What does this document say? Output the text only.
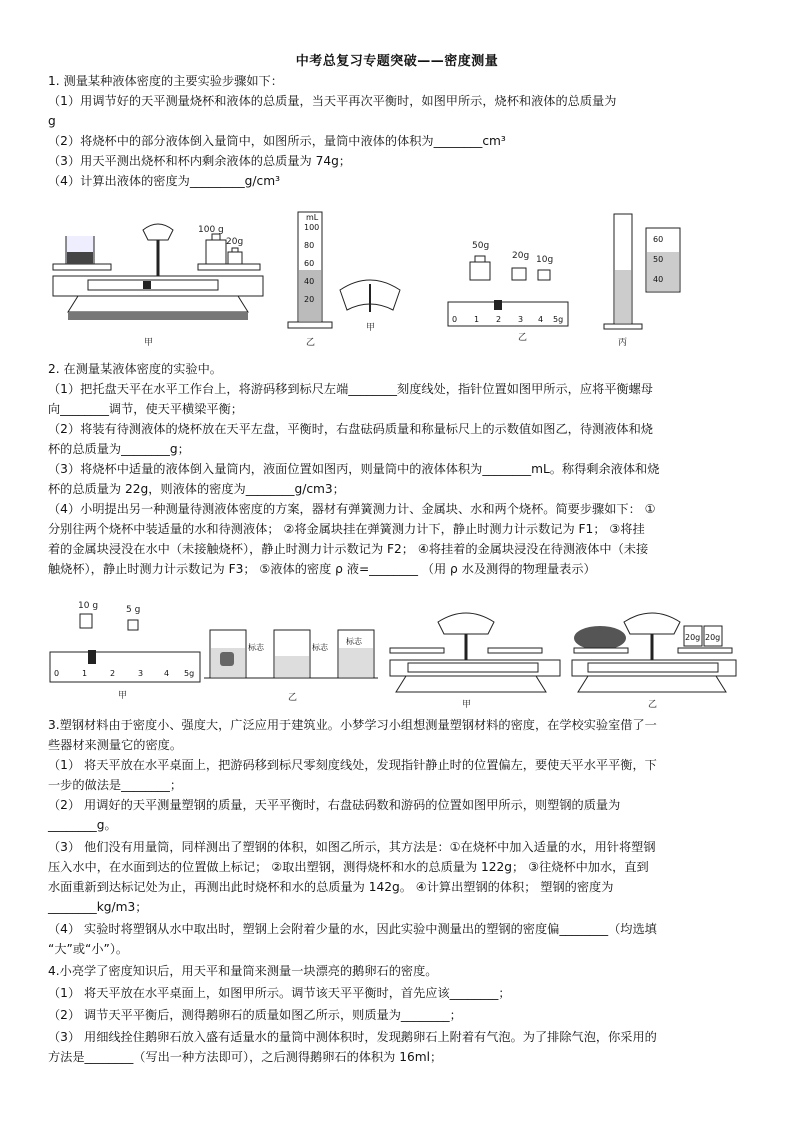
中考总复习专题突破——密度测量
1. 测量某种液体密度的主要实验步骤如下：
（1）用调节好的天平测量烧杯和液体的总质量，当天平再次平衡时，如图甲所示，烧杯和液体的总质量为
g
（2）将烧杯中的部分液体倒入量筒中，如图所示，量筒中液体的体积为________cm³
（3）用天平测出烧杯和杯内剩余液体的总质量为 74g；
（4）计算出液体的密度为_________g/cm³
100 g
20g
甲
mL
100
80
60
40
20
乙
甲
50g
20g 10g
0 1 2 3 4 5g
乙
60
50
40
丙
2. 在测量某液体密度的实验中。
（1）把托盘天平在水平工作台上，将游码移到标尺左端________刻度线处，指针位置如图甲所示，应将平衡螺母
向________调节，使天平横梁平衡；
（2）将装有待测液体的烧杯放在天平左盘，平衡时，右盘砝码质量和称量标尺上的示数值如图乙，待测液体和烧
杯的总质量为________g；
（3）将烧杯中适量的液体倒入量筒内，液面位置如图丙，则量筒中的液体体积为________mL。称得剩余液体和烧
杯的总质量为 22g，则液体的密度为________g/cm3；
（4）小明提出另一种测量待测液体密度的方案，器材有弹簧测力计、金属块、水和两个烧杯。简要步骤如下： ①
分别往两个烧杯中装适量的水和待测液体； ②将金属块挂在弹簧测力计下，静止时测力计示数记为 F1； ③将挂
着的金属块浸没在水中（未接触烧杯），静止时测力计示数记为 F2； ④将挂着的金属块浸没在待测液体中（未接
触烧杯），静止时测力计示数记为 F3； ⑤液体的密度 ρ 液=________ （用 ρ 水及测得的物理量表示）
10 g	5 g
0	1	2	3	4 5g
甲
标志	标志
标志
乙
甲
20g 20g
乙
3.塑钢材料由于密度小、强度大，广泛应用于建筑业。小梦学习小组想测量塑钢材料的密度，在学校实验室借了一
些器材来测量它的密度。
（1） 将天平放在水平桌面上，把游码移到标尺零刻度线处，发现指针静止时的位置偏左，要使天平水平平衡，下
一步的做法是________；
（2） 用调好的天平测量塑钢的质量，天平平衡时，右盘砝码数和游码的位置如图甲所示，则塑钢的质量为
________g。
（3） 他们没有用量筒，同样测出了塑钢的体积，如图乙所示，其方法是：①在烧杯中加入适量的水，用针将塑钢
压入水中，在水面到达的位置做上标记； ②取出塑钢，测得烧杯和水的总质量为 122g； ③往烧杯中加水，直到
水面重新到达标记处为止，再测出此时烧杯和水的总质量为 142g。 ④计算出塑钢的体积； 塑钢的密度为
________kg/m3；
（4） 实验时将塑钢从水中取出时，塑钢上会附着少量的水，因此实验中测量出的塑钢的密度偏________（均选填
“大”或“小”）。
4.小亮学了密度知识后，用天平和量筒来测量一块漂亮的鹅卵石的密度。
（1） 将天平放在水平桌面上，如图甲所示。调节该天平平衡时，首先应该________；
（2） 调节天平平衡后，测得鹅卵石的质量如图乙所示，则质量为________；
（3） 用细线拴住鹅卵石放入盛有适量水的量筒中测体积时，发现鹅卵石上附着有气泡。为了排除气泡，你采用的
方法是________（写出一种方法即可），之后测得鹅卵石的体积为 16ml；
